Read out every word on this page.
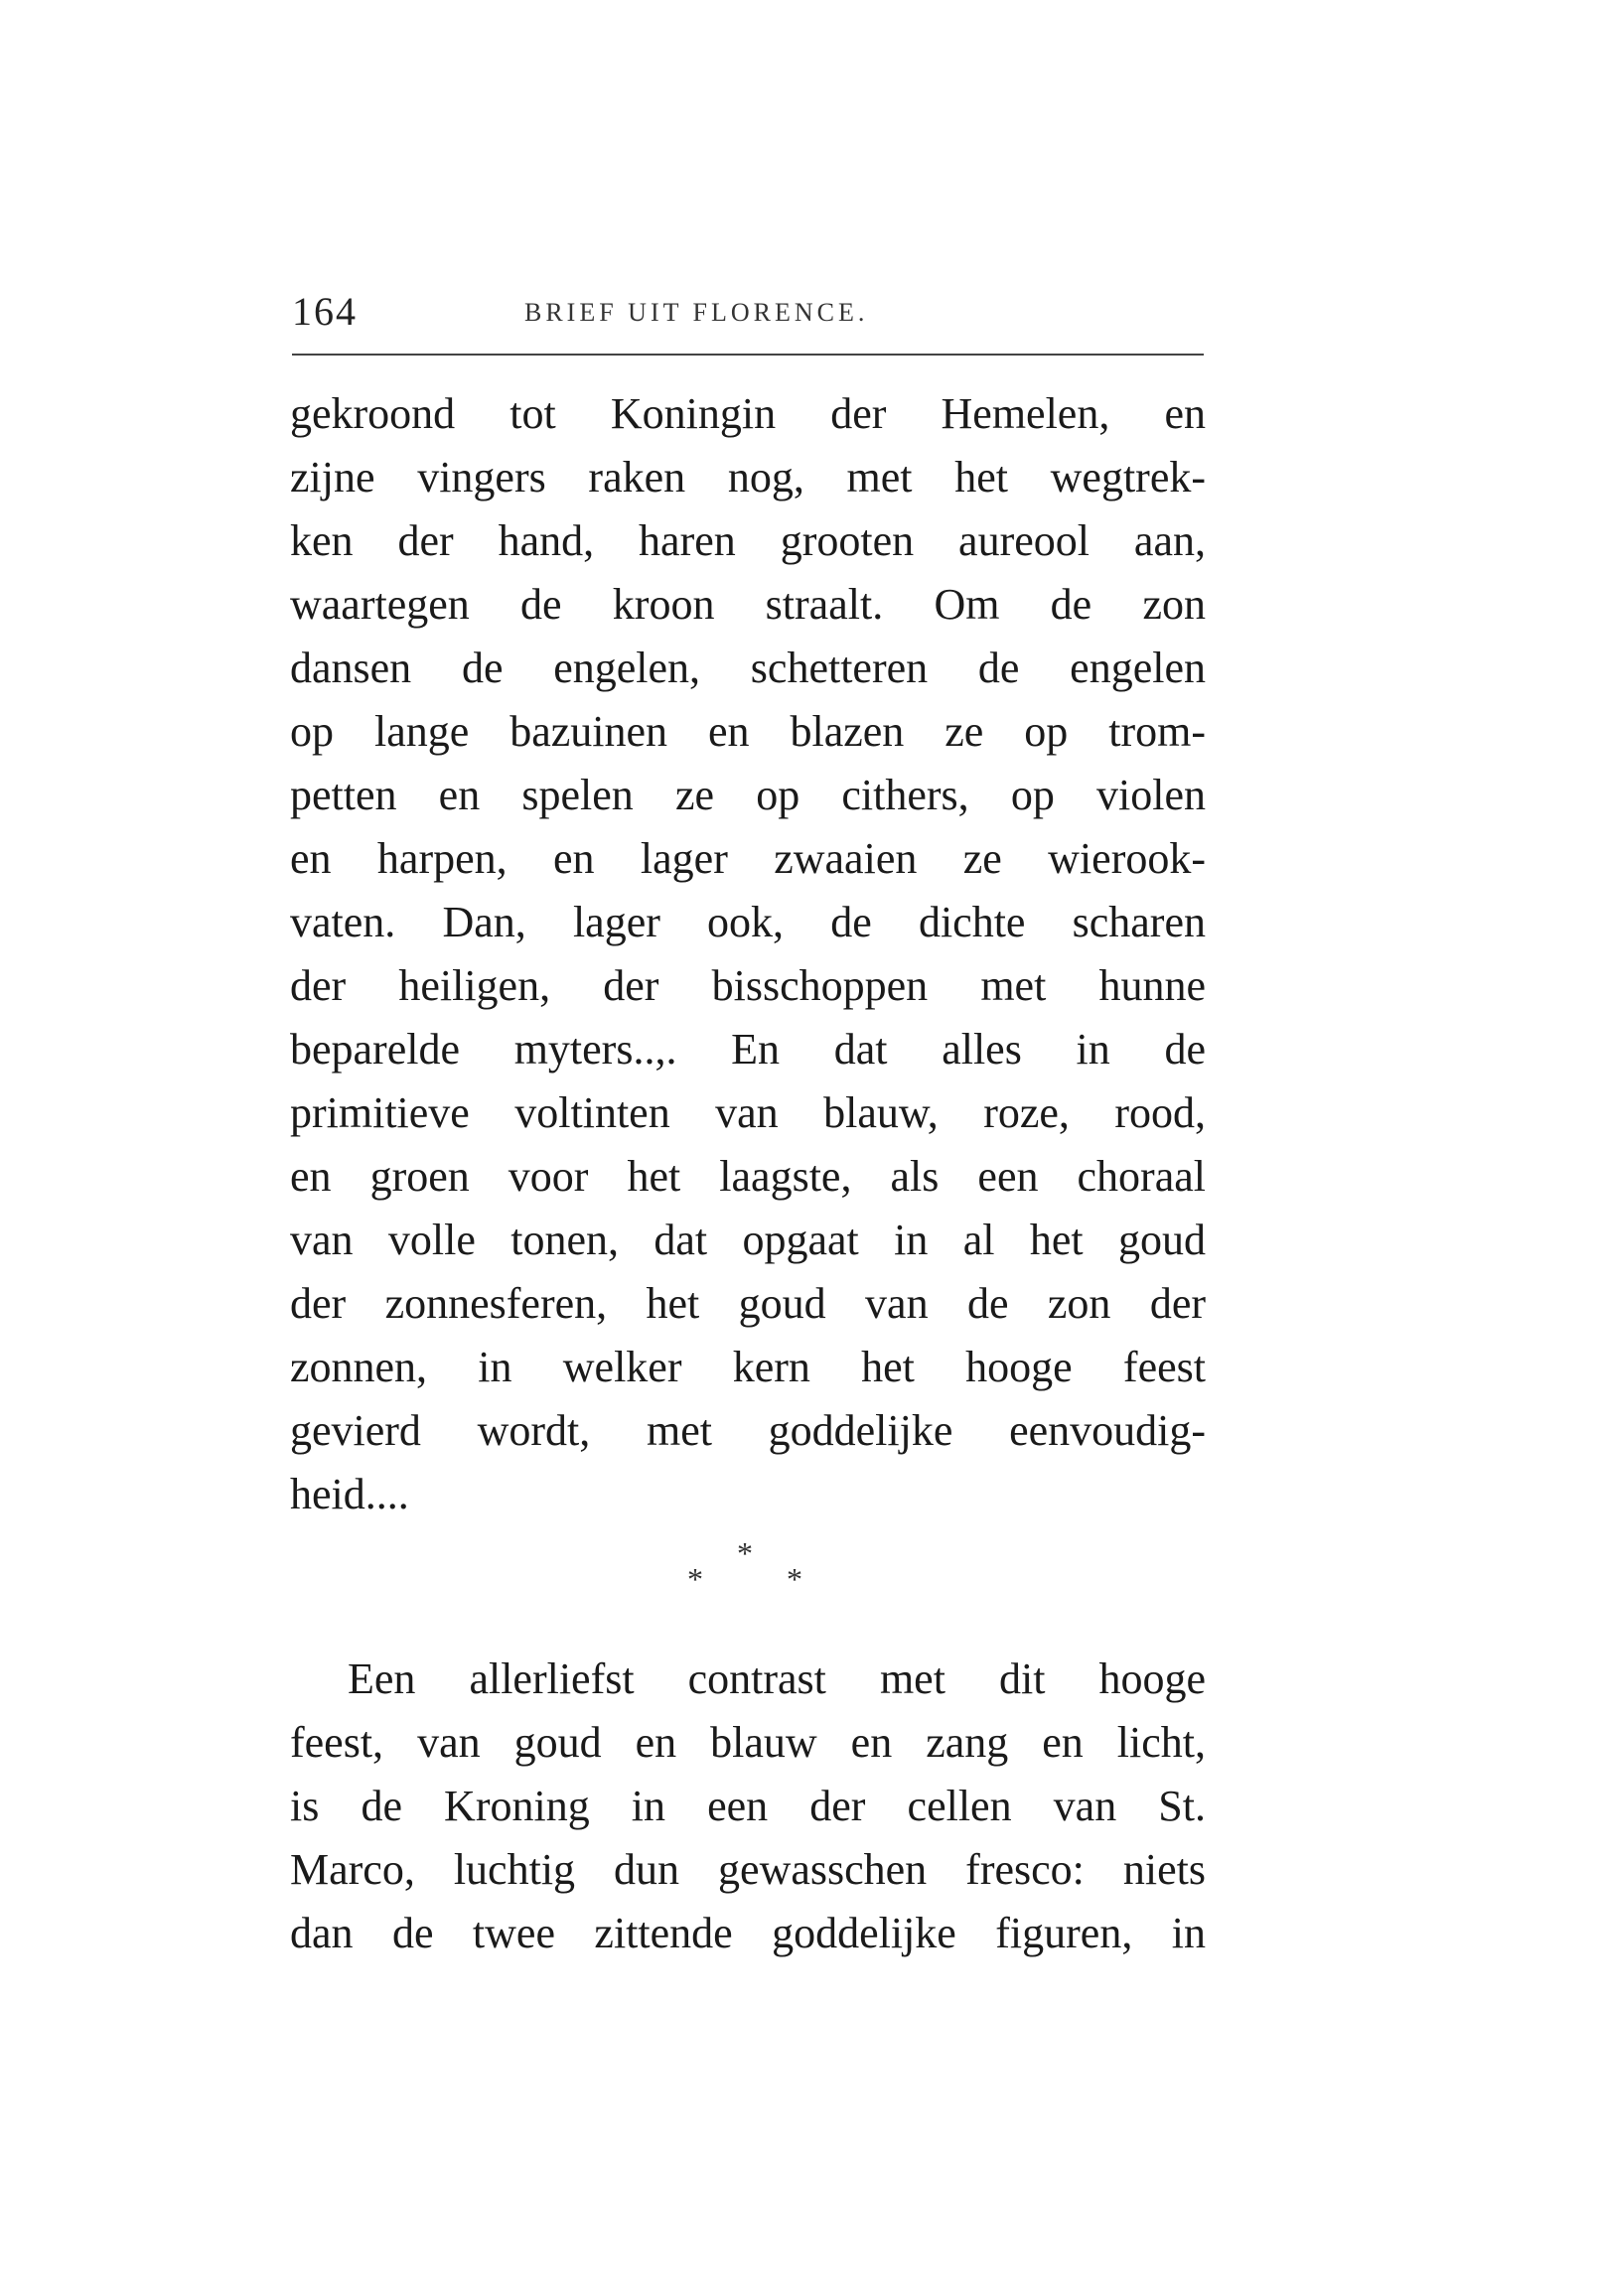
164	BRIEF UIT FLORENCE.
gekroond tot Koningin der Hemelen, en
zijne vingers raken nog, met het wegtrek-
ken der hand, haren grooten aureool aan,
waartegen de kroon straalt. Om de zon
dansen de engelen, schetteren de engelen
op lange bazuinen en blazen ze op trom-
petten en spelen ze op cithers, op violen
en harpen, en lager zwaaien ze wierook-
vaten. Dan, lager ook, de dichte scharen
der heiligen, der bisschoppen met hunne
beparelde myters..,. En dat alles in de
primitieve voltinten van blauw, roze, rood,
en groen voor het laagste, als een choraal
van volle tonen, dat opgaat in al het goud
der zonnesferen, het goud van de zon der
zonnen, in welker kern het hooge feest
gevierd wordt, met goddelijke eenvoudig-
heid....
*
*	*
Een allerliefst contrast met dit hooge
feest, van goud en blauw en zang en licht,
is de Kroning in een der cellen van St.
Marco, luchtig dun gewasschen fresco: niets
dan de twee zittende goddelijke figuren, in
